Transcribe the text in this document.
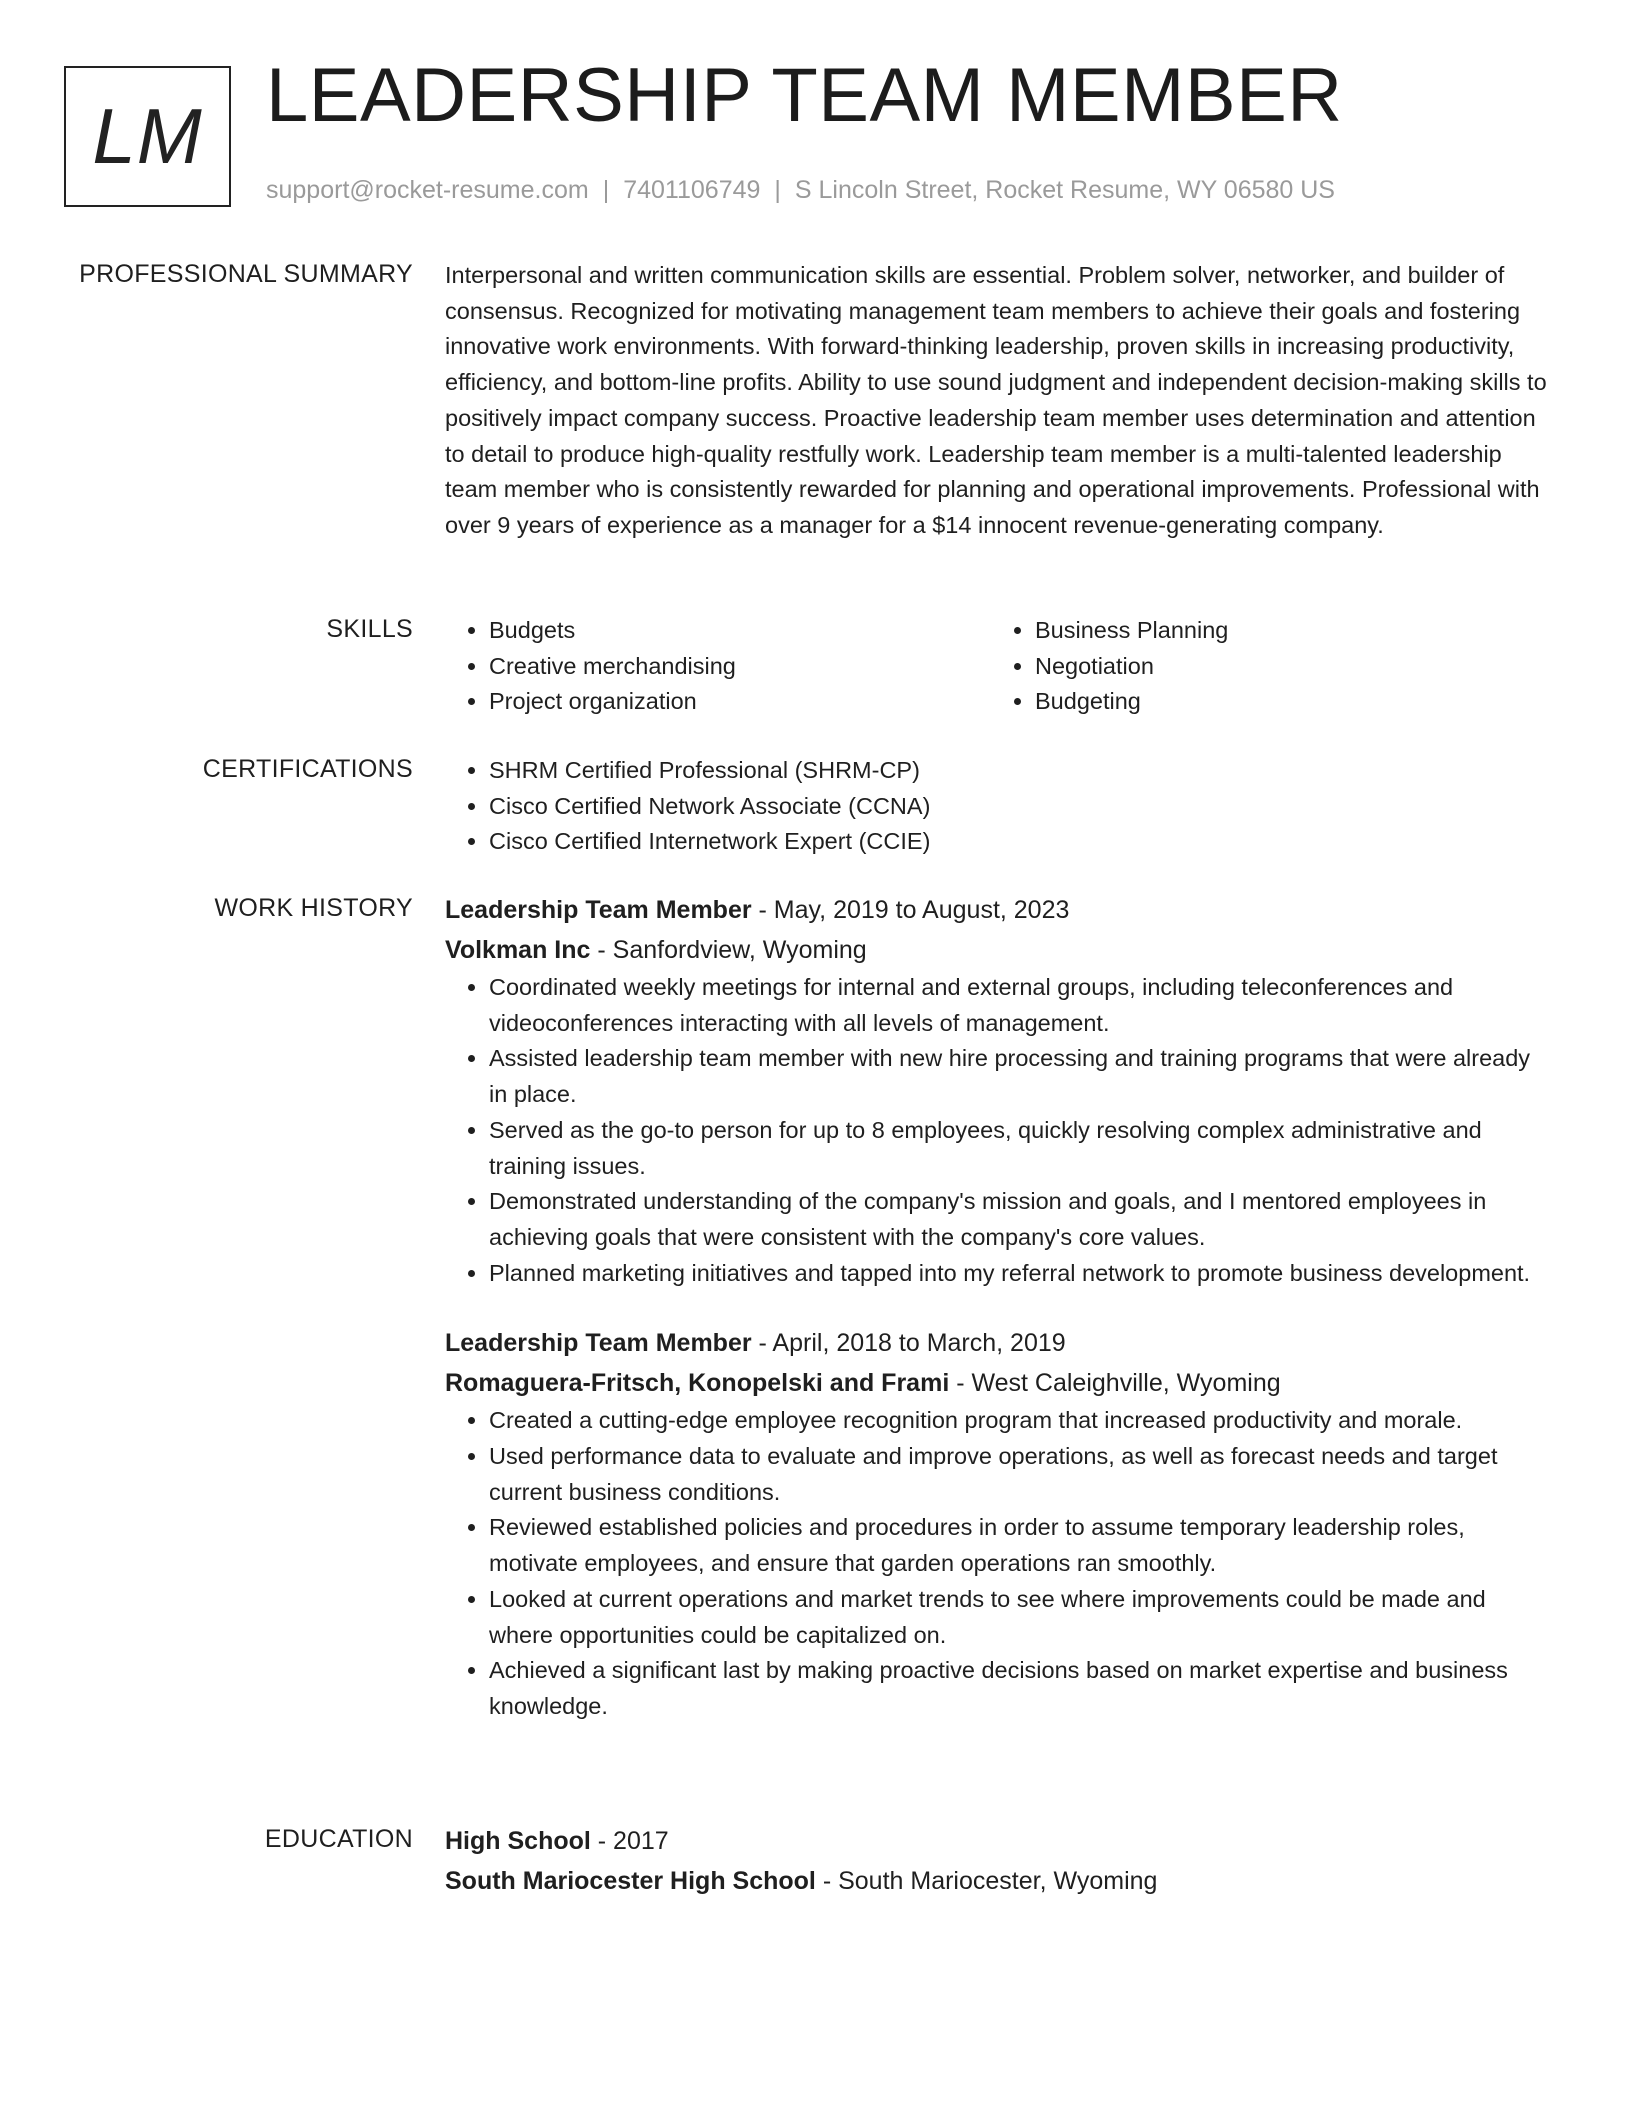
LM LEADERSHIP TEAM MEMBER
support@rocket-resume.com | 7401106749 | S Lincoln Street, Rocket Resume, WY 06580 US
PROFESSIONAL SUMMARY Interpersonal and written communication skills are essential. Problem solver, networker, and builder of consensus. Recognized for motivating management team members to achieve their goals and fostering innovative work environments. With forward-thinking leadership, proven skills in increasing productivity, efficiency, and bottom-line profits. Ability to use sound judgment and independent decision-making skills to positively impact company success. Proactive leadership team member uses determination and attention to detail to produce high-quality restfully work. Leadership team member is a multi-talented leadership team member who is consistently rewarded for planning and operational improvements. Professional with over 9 years of experience as a manager for a $14 innocent revenue-generating company.

SKILLS	• Budgets
• Creative merchandising
• Project organization
• Business Planning
• Negotiation
• Budgeting
CERTIFICATIONS	• SHRM Certified Professional (SHRM-CP)
• Cisco Certified Network Associate (CCNA)
• Cisco Certified Internetwork Expert (CCIE)
WORK HISTORY Leadership Team Member - May, 2019 to August, 2023
Volkman Inc - Sanfordview, Wyoming
• Coordinated weekly meetings for internal and external groups, including teleconferences and videoconferences interacting with all levels of management.
• Assisted leadership team member with new hire processing and training programs that were already in place.
• Served as the go-to person for up to 8 employees, quickly resolving complex administrative and training issues.
• Demonstrated understanding of the company's mission and goals, and I mentored employees in achieving goals that were consistent with the company's core values.
• Planned marketing initiatives and tapped into my referral network to promote business development.
Leadership Team Member - April, 2018 to March, 2019
Romaguera-Fritsch, Konopelski and Frami - West Caleighville, Wyoming
• Created a cutting-edge employee recognition program that increased productivity and morale.
• Used performance data to evaluate and improve operations, as well as forecast needs and target current business conditions.
• Reviewed established policies and procedures in order to assume temporary leadership roles, motivate employees, and ensure that garden operations ran smoothly.
• Looked at current operations and market trends to see where improvements could be made and where opportunities could be capitalized on.
• Achieved a significant last by making proactive decisions based on market expertise and business knowledge.
EDUCATION High School - 2017
South Mariocester High School - South Mariocester, Wyoming
